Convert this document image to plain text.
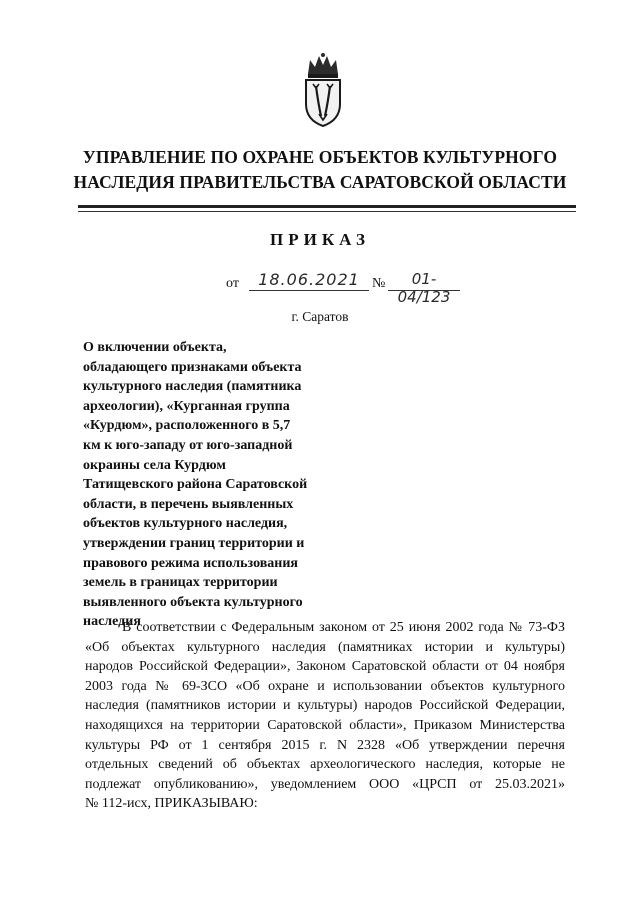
УПРАВЛЕНИЕ ПО ОХРАНЕ ОБЪЕКТОВ КУЛЬТУРНОГО
НАСЛЕДИЯ ПРАВИТЕЛЬСТВА САРАТОВСКОЙ ОБЛАСТИ
ПРИКАЗ
от	18.06.2021 №	01-04/123
г. Саратов
О включении объекта,
обладающего признаками объекта
культурного наследия (памятника
археологии), «Курганная группа
«Курдюм», расположенного в 5,7
км к юго-западу от юго-западной
окраины села Курдюм
Татищевского района Саратовской
области, в перечень выявленных
объектов культурного наследия,
утверждении границ территории и
правового режима использования
земель в границах территории
выявленного объекта культурного
наследия
В соответствии с Федеральным законом от 25 июня 2002 года № 73-ФЗ
«Об объектах культурного наследия (памятниках истории и культуры)
народов Российской Федерации», Законом Саратовской области от 04 ноября
2003 года № 69-ЗСО «Об охране и использовании объектов культурного
наследия (памятников истории и культуры) народов Российской Федерации,
находящихся на территории Саратовской области», Приказом Министерства
культуры РФ от 1 сентября 2015 г. N 2328 «Об утверждении перечня
отдельных сведений об объектах археологического наследия, которые не
подлежат опубликованию», уведомлением ООО «ЦРСП от 25.03.2021»
№ 112-исх, ПРИКАЗЫВАЮ:
